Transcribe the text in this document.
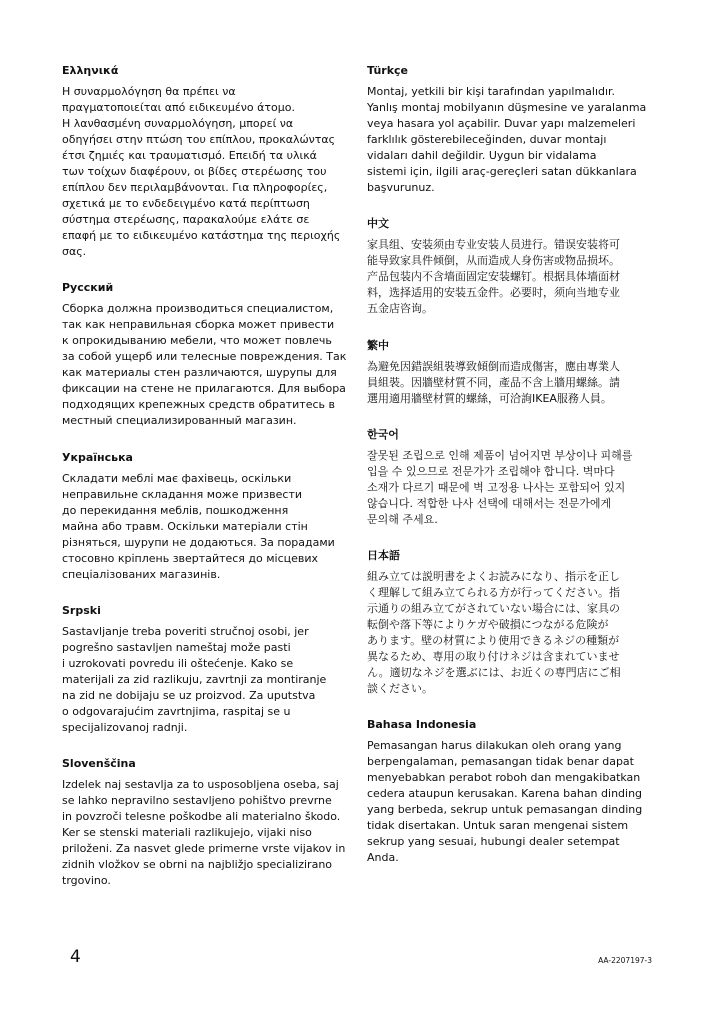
Ελληνικά

Η συναρμολόγηση θα πρέπει να
πραγματοποιείται από ειδικευμένο άτομο.
Η λανθασμένη συναρμολόγηση, μπορεί να
οδηγήσει στην πτώση του επίπλου, προκαλώντας
έτσι ζημιές και τραυματισμό. Επειδή τα υλικά
των τοίχων διαφέρουν, οι βίδες στερέωσης του
επίπλου δεν περιλαμβάνονται. Για πληροφορίες,
σχετικά με το ενδεδειγμένο κατά περίπτωση
σύστημα στερέωσης, παρακαλούμε ελάτε σε
επαφή με το ειδικευμένο κατάστημα της περιοχής
σας.

Русский

Сборка должна производиться специалистом,
так как неправильная сборка может привести
к опрокидыванию мебели, что может повлечь
за собой ущерб или телесные повреждения. Так
как материалы стен различаются, шурупы для
фиксации на стене не прилагаются. Для выбора
подходящих крепежных средств обратитесь в
местный специализированный магазин.

Українська

Складати меблі має фахівець, оскільки
неправильне складання може призвести
до перекидання меблів, пошкодження
майна або травм. Оскільки матеріали стін
різняться, шурупи не додаються. За порадами
стосовно кріплень звертайтеся до місцевих
спеціалізованих магазинів.

Srpski

Sastavljanje treba poveriti stručnoj osobi, jer
pogrešno sastavljen nameštaj može pasti
i uzrokovati povredu ili oštećenje. Kako se
materijali za zid razlikuju, zavrtnji za montiranje
na zid ne dobijaju se uz proizvod. Za uputstva
o odgovarajućim zavrtnjima, raspitaj se u
specijalizovanoj radnji.

Slovenščina

Izdelek naj sestavlja za to usposobljena oseba, saj
se lahko nepravilno sestavljeno pohištvo prevrne
in povzroči telesne poškodbe ali materialno škodo.
Ker se stenski materiali razlikujejo, vijaki niso
priloženi. Za nasvet glede primerne vrste vijakov in
zidnih vložkov se obrni na najbližjo specializirano
trgovino.

Türkçe

Montaj, yetkili bir kişi tarafından yapılmalıdır.
Yanlış montaj mobilyanın düşmesine ve yaralanma
veya hasara yol açabilir. Duvar yapı malzemeleri
farklılık gösterebileceğinden, duvar montajı
vidaları dahil değildir. Uygun bir vidalama
sistemi için, ilgili araç-gereçleri satan dükkanlara
başvurunuz.

中文

家具组、安装须由专业安装人员进行。错误安装将可
能导致家具件倾倒，从而造成人身伤害或物品损坏。
产品包装内不含墙面固定安装螺钉。根据具体墙面材
料，选择适用的安装五金件。必要时，须向当地专业
五金店咨询。

繁中

為避免因錯誤組裝導致傾倒而造成傷害，應由專業人
員組裝。因牆壁材質不同，產品不含上牆用螺絲。請
選用適用牆壁材質的螺絲，可洽詢IKEA服務人員。

한국어

잘못된 조립으로 인해 제품이 넘어지면 부상이나 피해를
입을 수 있으므로 전문가가 조립해야 합니다. 벽마다
소재가 다르기 때문에 벽 고정용 나사는 포함되어 있지
않습니다. 적합한 나사 선택에 대해서는 전문가에게
문의해 주세요.

日本語

組み立ては説明書をよくお読みになり、指示を正し
く理解して組み立てられる方が行ってください。指
示通りの組み立てがされていない場合には、家具の
転倒や落下等によりケガや破損につながる危険が
あります。壁の材質により使用できるネジの種類が
異なるため、専用の取り付けネジは含まれていませ
ん。適切なネジを選ぶには、お近くの専門店にご相
談ください。

Bahasa Indonesia

Pemasangan harus dilakukan oleh orang yang
berpengalaman, pemasangan tidak benar dapat
menyebabkan perabot roboh dan mengakibatkan
cedera ataupun kerusakan. Karena bahan dinding
yang berbeda, sekrup untuk pemasangan dinding
tidak disertakan. Untuk saran mengenai sistem
sekrup yang sesuai, hubungi dealer setempat
Anda.

4	AA-2207197-3
